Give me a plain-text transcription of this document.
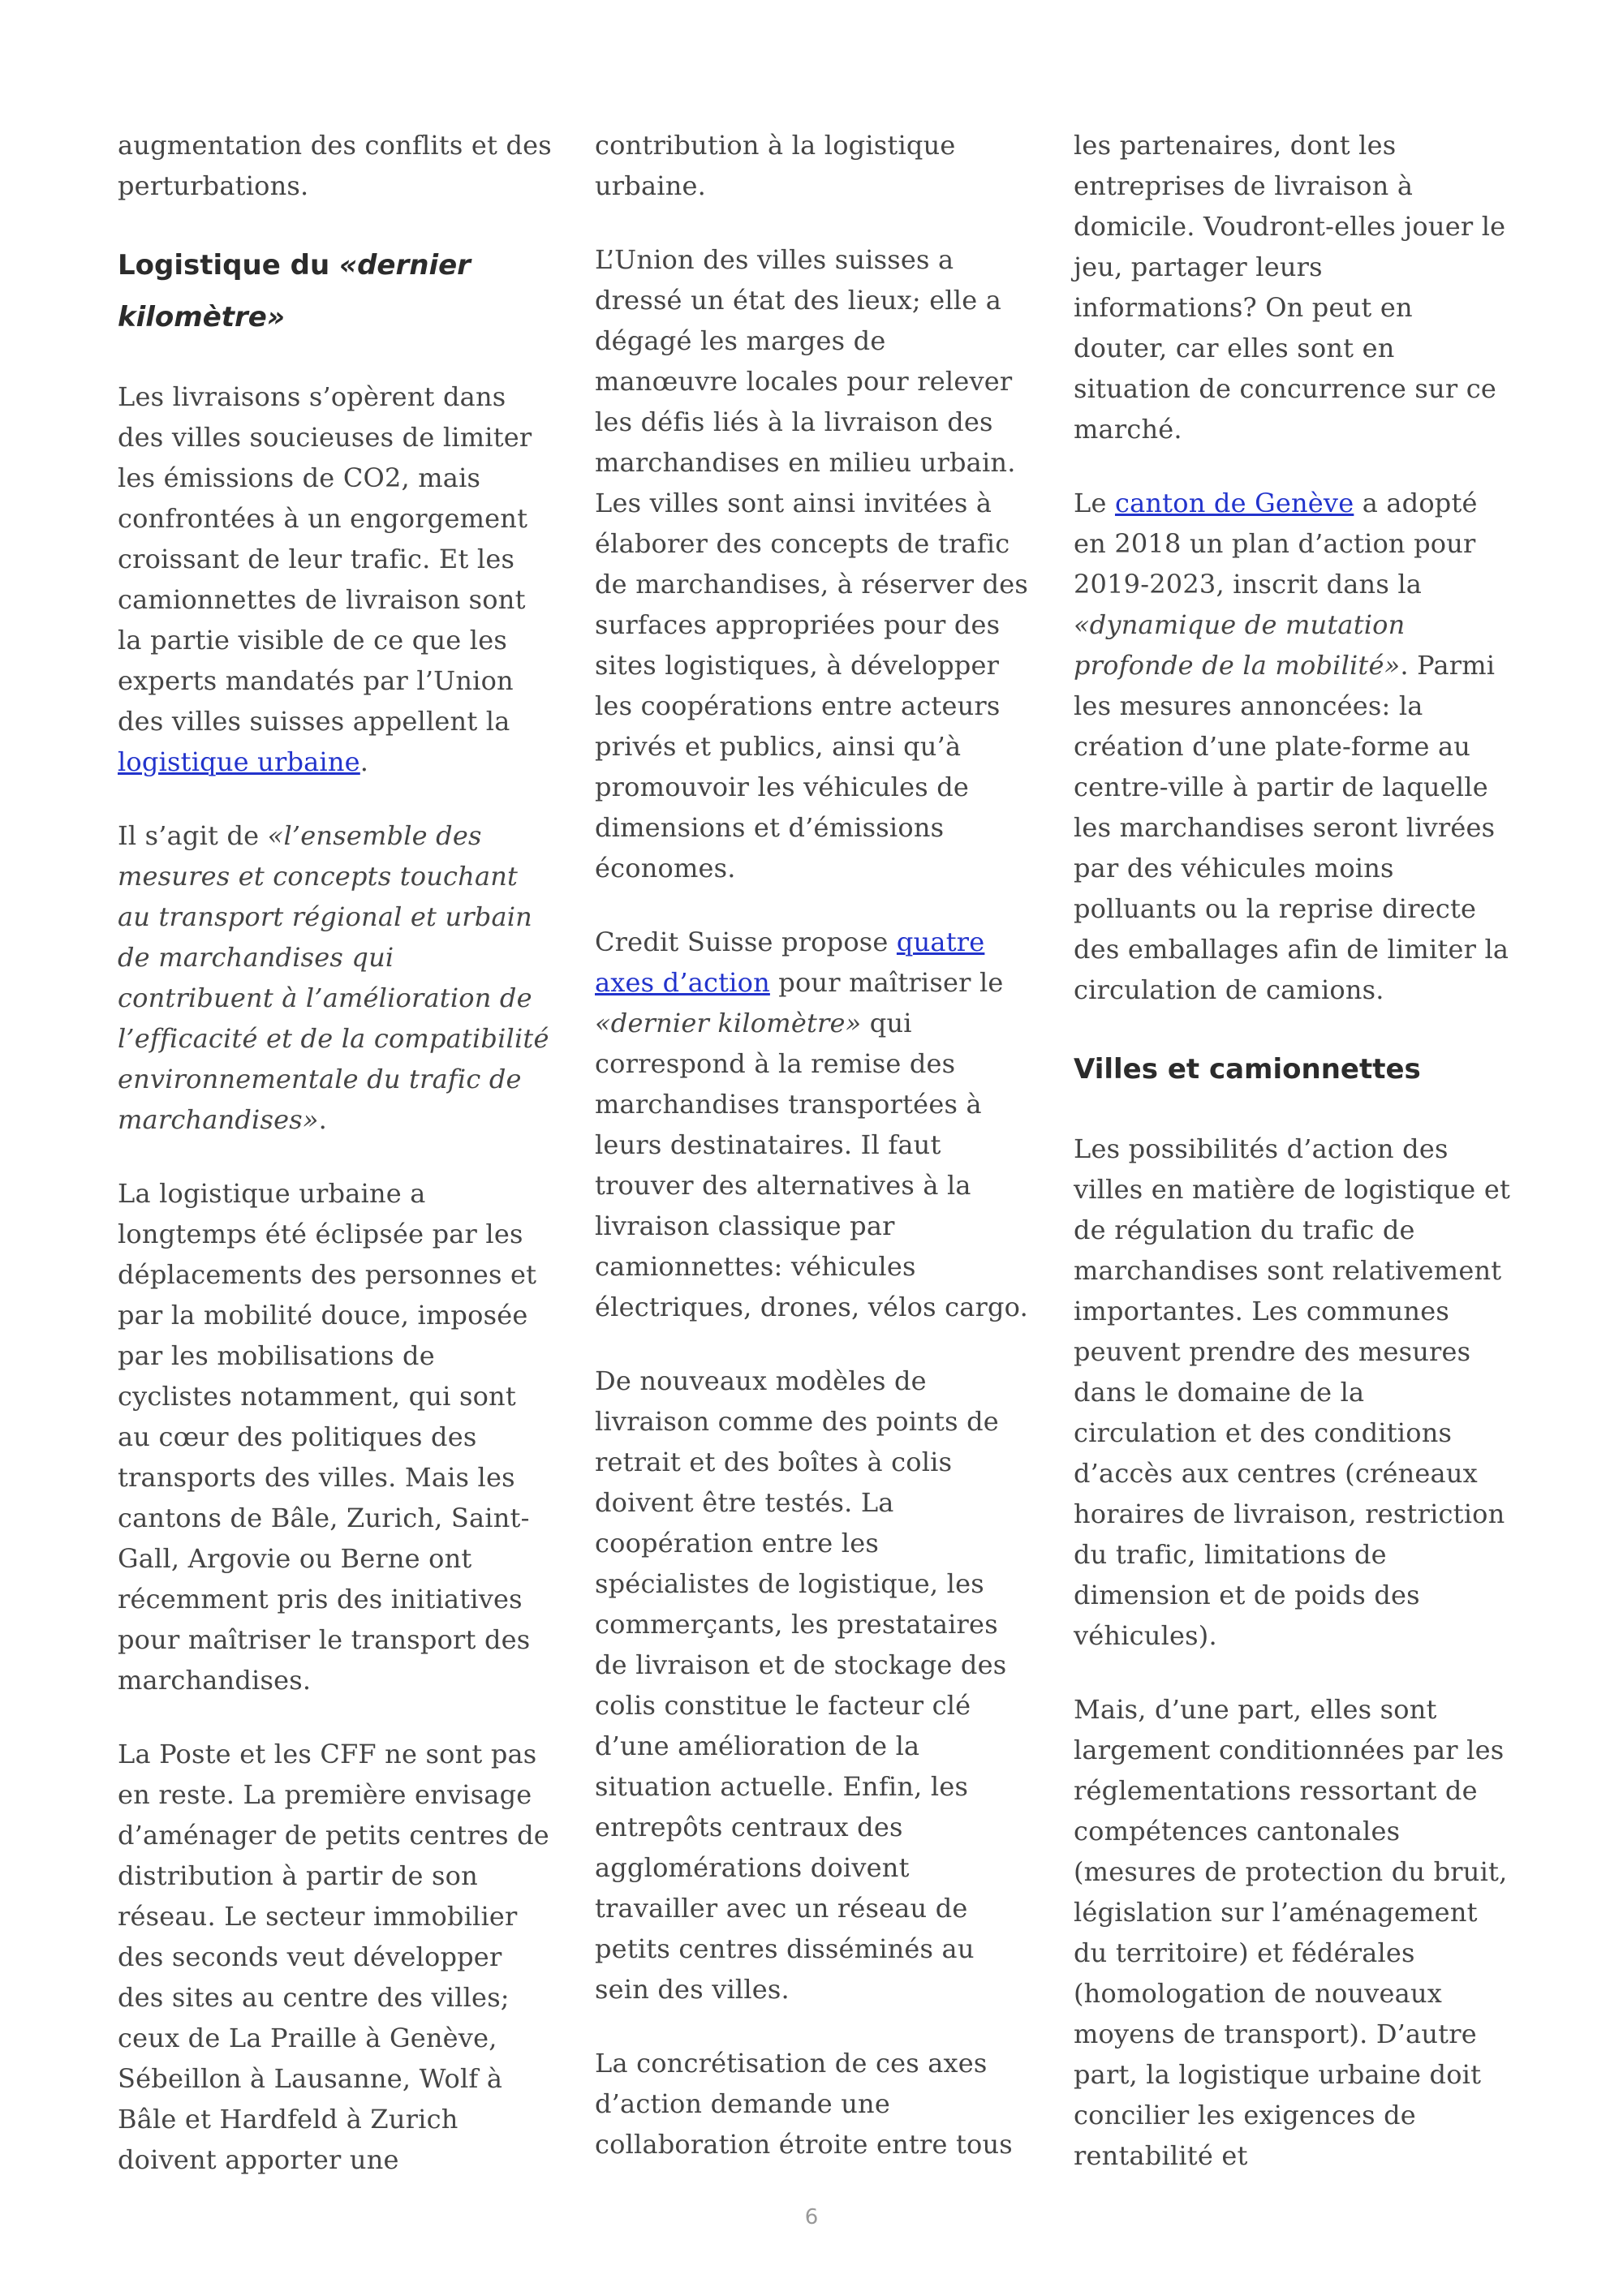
augmentation des conflits et des perturbations.

Logistique du «dernier kilomètre»

Les livraisons s’opèrent dans des villes soucieuses de limiter les émissions de CO2, mais confrontées à un engorgement croissant de leur trafic. Et les camionnettes de livraison sont la partie visible de ce que les experts mandatés par l’Union des villes suisses appellent la logistique urbaine.

Il s’agit de «l’ensemble des mesures et concepts touchant au transport régional et urbain de marchandises qui contribuent à l’amélioration de l’efficacité et de la compatibilité environnementale du trafic de marchandises».

La logistique urbaine a longtemps été éclipsée par les déplacements des personnes et par la mobilité douce, imposée par les mobilisations de cyclistes notamment, qui sont au cœur des politiques des transports des villes. Mais les cantons de Bâle, Zurich, Saint-Gall, Argovie ou Berne ont récemment pris des initiatives pour maîtriser le transport des marchandises.

La Poste et les CFF ne sont pas en reste. La première envisage d’aménager de petits centres de distribution à partir de son réseau. Le secteur immobilier des seconds veut développer des sites au centre des villes; ceux de La Praille à Genève, Sébeillon à Lausanne, Wolf à Bâle et Hardfeld à Zurich doivent apporter une

contribution à la logistique urbaine.

L’Union des villes suisses a dressé un état des lieux; elle a dégagé les marges de manœuvre locales pour relever les défis liés à la livraison des marchandises en milieu urbain. Les villes sont ainsi invitées à élaborer des concepts de trafic de marchandises, à réserver des surfaces appropriées pour des sites logistiques, à développer les coopérations entre acteurs privés et publics, ainsi qu’à promouvoir les véhicules de dimensions et d’émissions économes.

Credit Suisse propose quatre axes d’action pour maîtriser le «dernier kilomètre» qui correspond à la remise des marchandises transportées à leurs destinataires. Il faut trouver des alternatives à la livraison classique par camionnettes: véhicules électriques, drones, vélos cargo.

De nouveaux modèles de livraison comme des points de retrait et des boîtes à colis doivent être testés. La coopération entre les spécialistes de logistique, les commerçants, les prestataires de livraison et de stockage des colis constitue le facteur clé d’une amélioration de la situation actuelle. Enfin, les entrepôts centraux des agglomérations doivent travailler avec un réseau de petits centres disséminés au sein des villes.

La concrétisation de ces axes d’action demande une collaboration étroite entre tous

les partenaires, dont les entreprises de livraison à domicile. Voudront-elles jouer le jeu, partager leurs informations? On peut en douter, car elles sont en situation de concurrence sur ce marché.

Le canton de Genève a adopté en 2018 un plan d’action pour 2019-2023, inscrit dans la «dynamique de mutation profonde de la mobilité». Parmi les mesures annoncées: la création d’une plate-forme au centre-ville à partir de laquelle les marchandises seront livrées par des véhicules moins polluants ou la reprise directe des emballages afin de limiter la circulation de camions.

Villes et camionnettes

Les possibilités d’action des villes en matière de logistique et de régulation du trafic de marchandises sont relativement importantes. Les communes peuvent prendre des mesures dans le domaine de la circulation et des conditions d’accès aux centres (créneaux horaires de livraison, restriction du trafic, limitations de dimension et de poids des véhicules).

Mais, d’une part, elles sont largement conditionnées par les réglementations ressortant de compétences cantonales (mesures de protection du bruit, législation sur l’aménagement du territoire) et fédérales (homologation de nouveaux moyens de transport). D’autre part, la logistique urbaine doit concilier les exigences de rentabilité et

6
